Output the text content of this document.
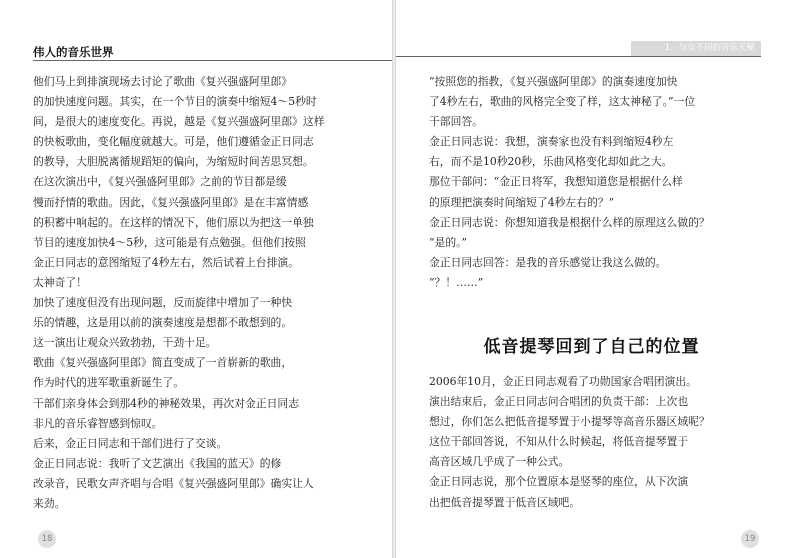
伟人的音乐世界

他们马上到排演现场去讨论了歌曲《复兴强盛阿里郎》

的加快速度问题。其实，在一个节目的演奏中缩短4～5秒时

间，是很大的速度变化。再说，越是《复兴强盛阿里郎》这样

的快板歌曲，变化幅度就越大。可是，他们遵循金正日同志

的教导，大胆脱离循规蹈矩的偏向，为缩短时间苦思冥想。

在这次演出中，《复兴强盛阿里郎》之前的节目都是缓

慢而抒情的歌曲。因此，《复兴强盛阿里郎》是在丰富情感

的积蓄中响起的。在这样的情况下，他们原以为把这一单独

节目的速度加快4～5秒，这可能是有点勉强。但他们按照

金正日同志的意图缩短了4秒左右，然后试着上台排演。

太神奇了！

加快了速度但没有出现问题，反而旋律中增加了一种快

乐的情趣，这是用以前的演奏速度是想都不敢想到的。

这一演出让观众兴致勃勃，干劲十足。

歌曲《复兴强盛阿里郎》简直变成了一首崭新的歌曲，

作为时代的进军歌重新诞生了。

干部们亲身体会到那4秒的神秘效果，再次对金正日同志

非凡的音乐睿智感到惊叹。

后来，金正日同志和干部们进行了交谈。

金正日同志说：我听了文艺演出《我国的蓝天》的修

改录音，民歌女声齐唱与合唱《复兴强盛阿里郎》确实让人

来劲。

18
1．与众不同的音乐天赋

“按照您的指教，《复兴强盛阿里郎》的演奏速度加快

了4秒左右，歌曲的风格完全变了样，这太神秘了。”一位

干部回答。

金正日同志说：我想，演奏家也没有料到缩短4秒左

右，而不是10秒20秒，乐曲风格变化却如此之大。

那位干部问：“金正日将军，我想知道您是根据什么样

的原理把演奏时间缩短了4秒左右的？”

金正日同志说：你想知道我是根据什么样的原理这么做的？

“是的。”

金正日同志回答：是我的音乐感觉让我这么做的。

“？！……”

低音提琴回到了自己的位置

2006年10月，金正日同志观看了功勋国家合唱团演出。

演出结束后，金正日同志问合唱团的负责干部：上次也

想过，你们怎么把低音提琴置于小提琴等高音乐器区域呢？

这位干部回答说，不知从什么时候起，将低音提琴置于

高音区域几乎成了一种公式。

金正日同志说，那个位置原本是竖琴的座位，从下次演

出把低音提琴置于低音区域吧。

19
